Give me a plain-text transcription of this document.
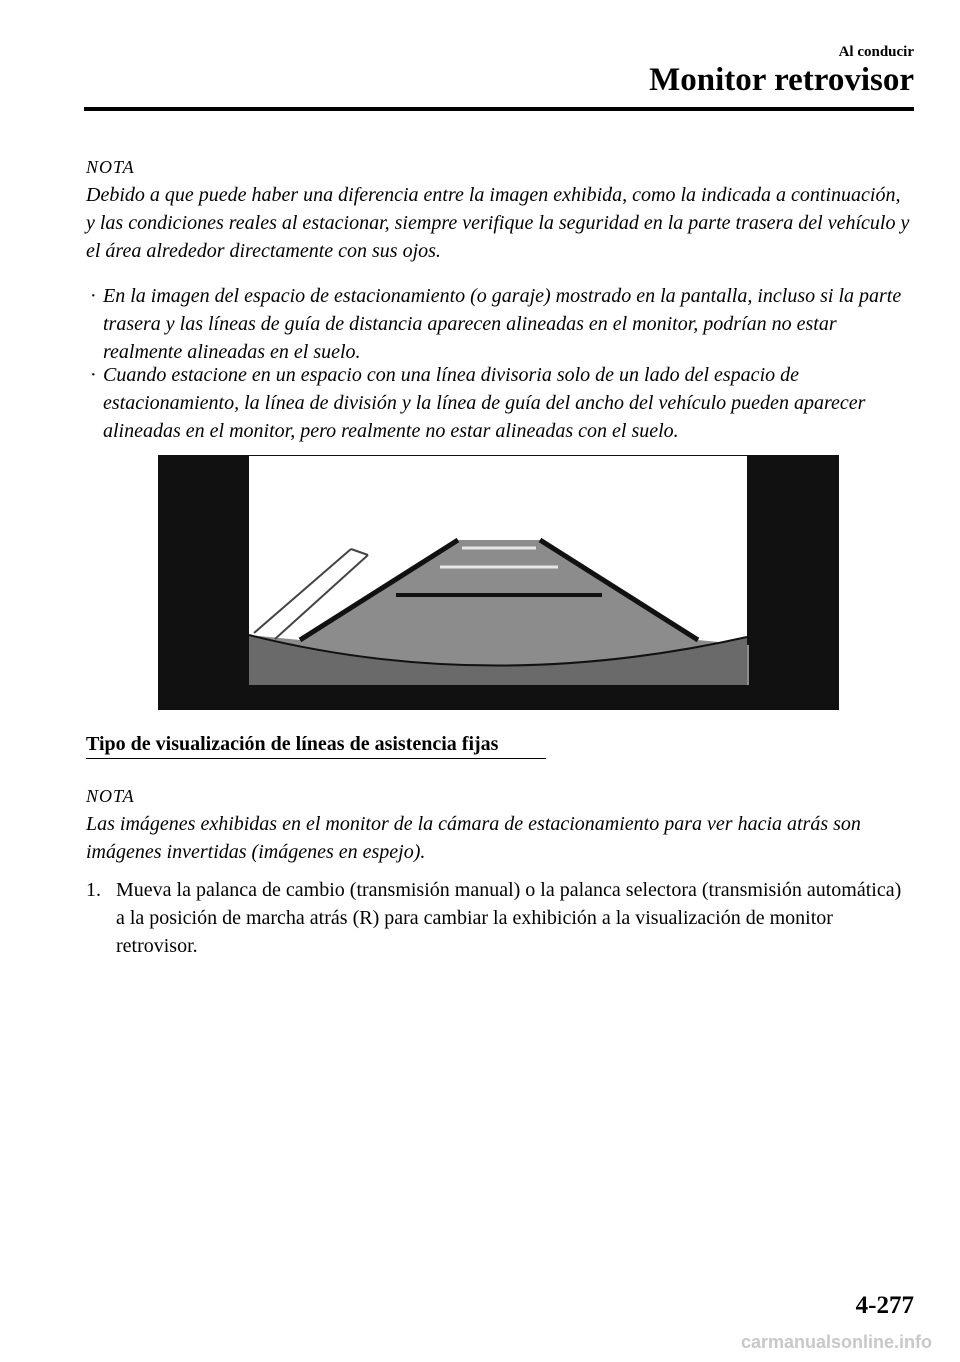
Al conducir
Monitor retrovisor
NOTA
Debido a que puede haber una diferencia entre la imagen exhibida, como la indicada a continuación, y las condiciones reales al estacionar, siempre verifique la seguridad en la parte trasera del vehículo y el área alrededor directamente con sus ojos.
· En la imagen del espacio de estacionamiento (o garaje) mostrado en la pantalla, incluso si la parte trasera y las líneas de guía de distancia aparecen alineadas en el monitor, podrían no estar realmente alineadas en el suelo.
· Cuando estacione en un espacio con una línea divisoria solo de un lado del espacio de estacionamiento, la línea de división y la línea de guía del ancho del vehículo pueden aparecer alineadas en el monitor, pero realmente no estar alineadas con el suelo.
Tipo de visualización de líneas de asistencia fijas
NOTA
Las imágenes exhibidas en el monitor de la cámara de estacionamiento para ver hacia atrás son imágenes invertidas (imágenes en espejo).
1. Mueva la palanca de cambio (transmisión manual) o la palanca selectora (transmisión automática) a la posición de marcha atrás (R) para cambiar la exhibición a la visualización de monitor retrovisor.
4-277
carmanualsonline.info
